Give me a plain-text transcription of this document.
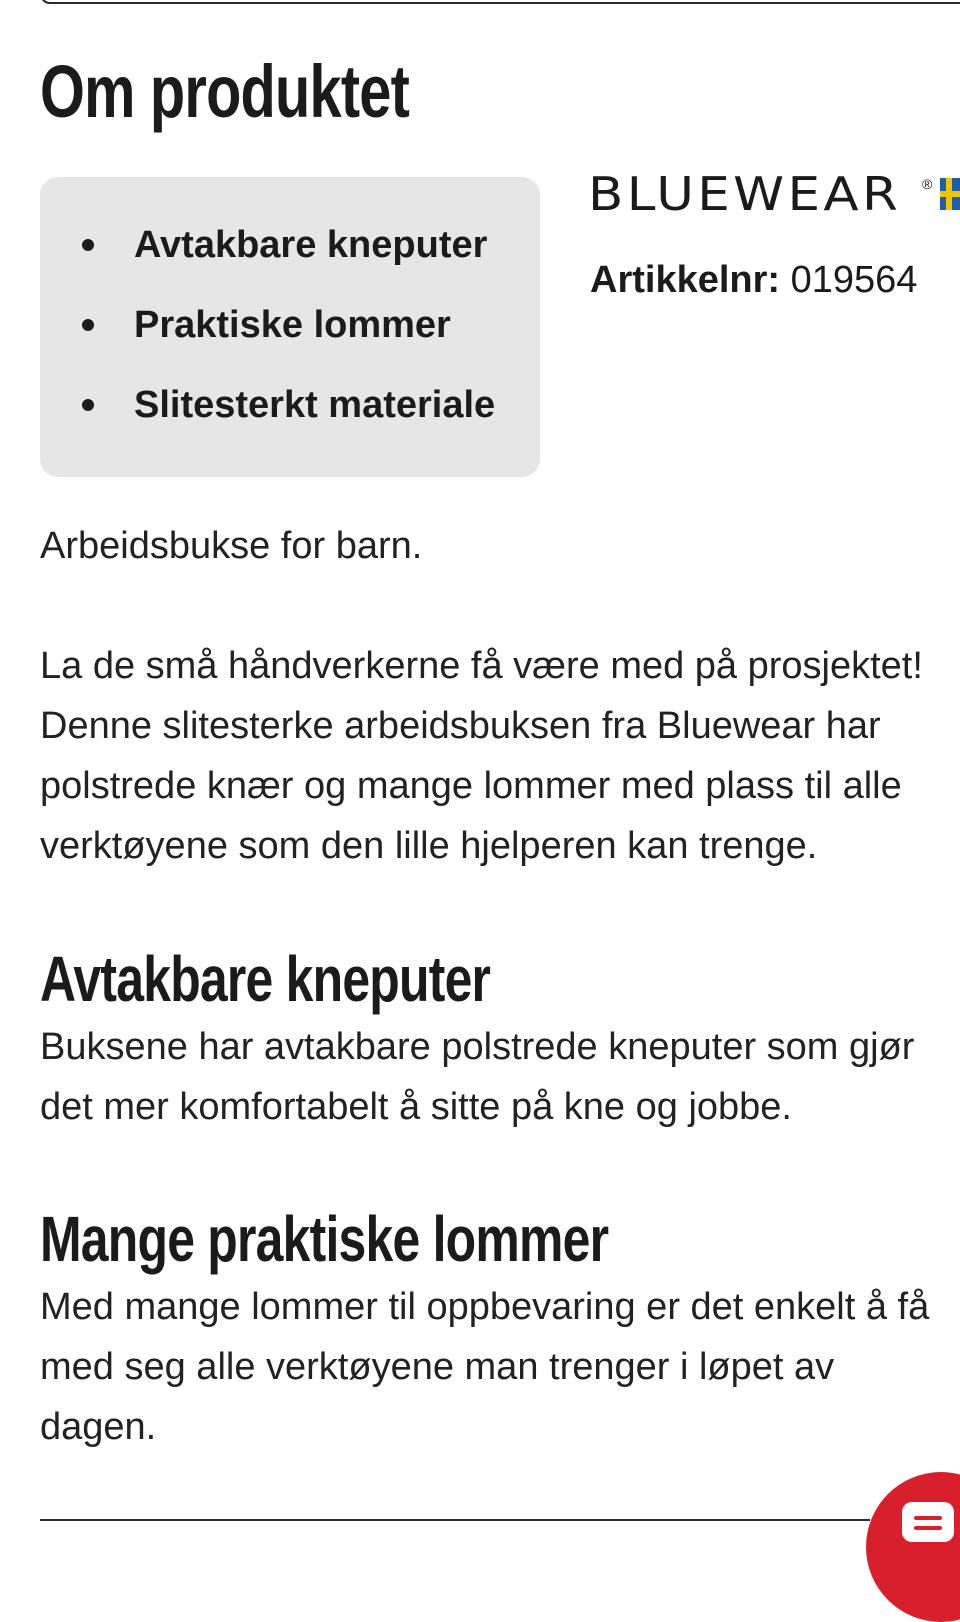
Om produktet
Avtakbare kneputer
Praktiske lommer
Slitesterkt materiale
BLUEWEAR ®
Artikkelnr: 019564

Arbeidsbukse for barn.

La de små håndverkerne få være med på prosjektet!
Denne slitesterke arbeidsbuksen fra Bluewear har
polstrede knær og mange lommer med plass til alle
verktøyene som den lille hjelperen kan trenge.

Avtakbare kneputer

Buksene har avtakbare polstrede kneputer som gjør
det mer komfortabelt å sitte på kne og jobbe.

Mange praktiske lommer

Med mange lommer til oppbevaring er det enkelt å få
med seg alle verktøyene man trenger i løpet av
dagen.
